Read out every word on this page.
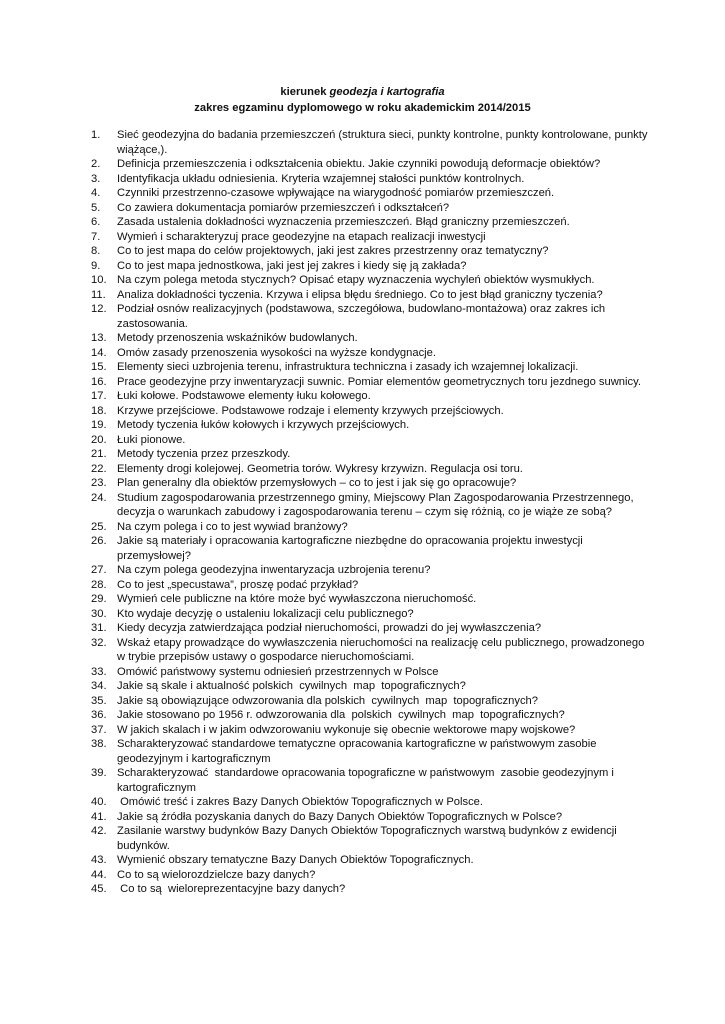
kierunek geodezja i kartografia
zakres egzaminu dyplomowego w roku akademickim 2014/2015
1.	Sieć geodezyjna do badania przemieszczeń (struktura sieci, punkty kontrolne, punkty kontrolowane, punkty wiążące,).
2.	Definicja przemieszczenia i odkształcenia obiektu. Jakie czynniki powodują deformacje obiektów?
3.	Identyfikacja układu odniesienia. Kryteria wzajemnej stałości punktów kontrolnych.
4.	Czynniki przestrzenno-czasowe wpływające na wiarygodność pomiarów przemieszczeń.
5.	Co zawiera dokumentacja pomiarów przemieszczeń i odkształceń?
6.	Zasada ustalenia dokładności wyznaczenia przemieszczeń. Błąd graniczny przemieszczeń.
7.	Wymień i scharakteryzuj prace geodezyjne na etapach realizacji inwestycji
8.	Co to jest mapa do celów projektowych, jaki jest zakres przestrzenny oraz tematyczny?
9.	Co to jest mapa jednostkowa, jaki jest jej zakres i kiedy się ją zakłada?
10. Na czym polega metoda stycznych? Opisać etapy wyznaczenia wychyleń obiektów wysmukłych.
11.	Analiza dokładności tyczenia. Krzywa i elipsa błędu średniego. Co to jest błąd graniczny tyczenia?
12. Podział osnów realizacyjnych (podstawowa, szczegółowa, budowlano-montażowa) oraz zakres ich zastosowania.
13. Metody przenoszenia wskaźników budowlanych.
14. Omów zasady przenoszenia wysokości na wyższe kondygnacje.
15. Elementy sieci uzbrojenia terenu, infrastruktura techniczna i zasady ich wzajemnej lokalizacji.
16. Prace geodezyjne przy inwentaryzacji suwnic. Pomiar elementów geometrycznych toru jezdnego suwnicy.
17. Łuki kołowe. Podstawowe elementy łuku kołowego.
18. Krzywe przejściowe. Podstawowe rodzaje i elementy krzywych przejściowych.
19. Metody tyczenia łuków kołowych i krzywych przejściowych.
20. Łuki pionowe.
21. Metody tyczenia przez przeszkody.
22. Elementy drogi kolejowej. Geometria torów. Wykresy krzywizn. Regulacja osi toru.
23. Plan generalny dla obiektów przemysłowych – co to jest i jak się go opracowuje?
24. Studium zagospodarowania przestrzennego gminy, Miejscowy Plan Zagospodarowania Przestrzennego, decyzja o warunkach zabudowy i zagospodarowania terenu – czym się różnią, co je wiąże ze sobą?
25. Na czym polega i co to jest wywiad branżowy?
26. Jakie są materiały i opracowania kartograficzne niezbędne do opracowania projektu inwestycji przemysłowej?
27. Na czym polega geodezyjna inwentaryzacja uzbrojenia terenu?
28. Co to jest „specustawa”, proszę podać przykład?
29. Wymień cele publiczne na które może być wywłaszczona nieruchomość.
30. Kto wydaje decyzję o ustaleniu lokalizacji celu publicznego?
31. Kiedy decyzja zatwierdzająca podział nieruchomości, prowadzi do jej wywłaszczenia?
32. Wskaż etapy prowadzące do wywłaszczenia nieruchomości na realizację celu publicznego, prowadzonego w trybie przepisów ustawy o gospodarce nieruchomościami.
33. Omówić państwowy systemu odniesień przestrzennych w Polsce
34. Jakie są skale i aktualność polskich  cywilnych  map  topograficznych?
35. Jakie są obowiązujące odwzorowania dla polskich  cywilnych  map  topograficznych?
36. Jakie stosowano po 1956 r. odwzorowania dla  polskich  cywilnych  map  topograficznych?
37. W jakich skalach i w jakim odwzorowaniu wykonuje się obecnie wektorowe mapy wojskowe?
38. Scharakteryzować standardowe tematyczne opracowania kartograficzne w państwowym zasobie geodezyjnym i kartograficznym
39. Scharakteryzować  standardowe opracowania topograficzne w państwowym  zasobie geodezyjnym i kartograficznym
40. Omówić treść i zakres Bazy Danych Obiektów Topograficznych w Polsce.
41. Jakie są źródła pozyskania danych do Bazy Danych Obiektów Topograficznych w Polsce?
42. Zasilanie warstwy budynków Bazy Danych Obiektów Topograficznych warstwą budynków z ewidencji budynków.
43. Wymienić obszary tematyczne Bazy Danych Obiektów Topograficznych.
44. Co to są wielorozdzielcze bazy danych?
45. Co to są  wieloreprezentacyjne bazy danych?
